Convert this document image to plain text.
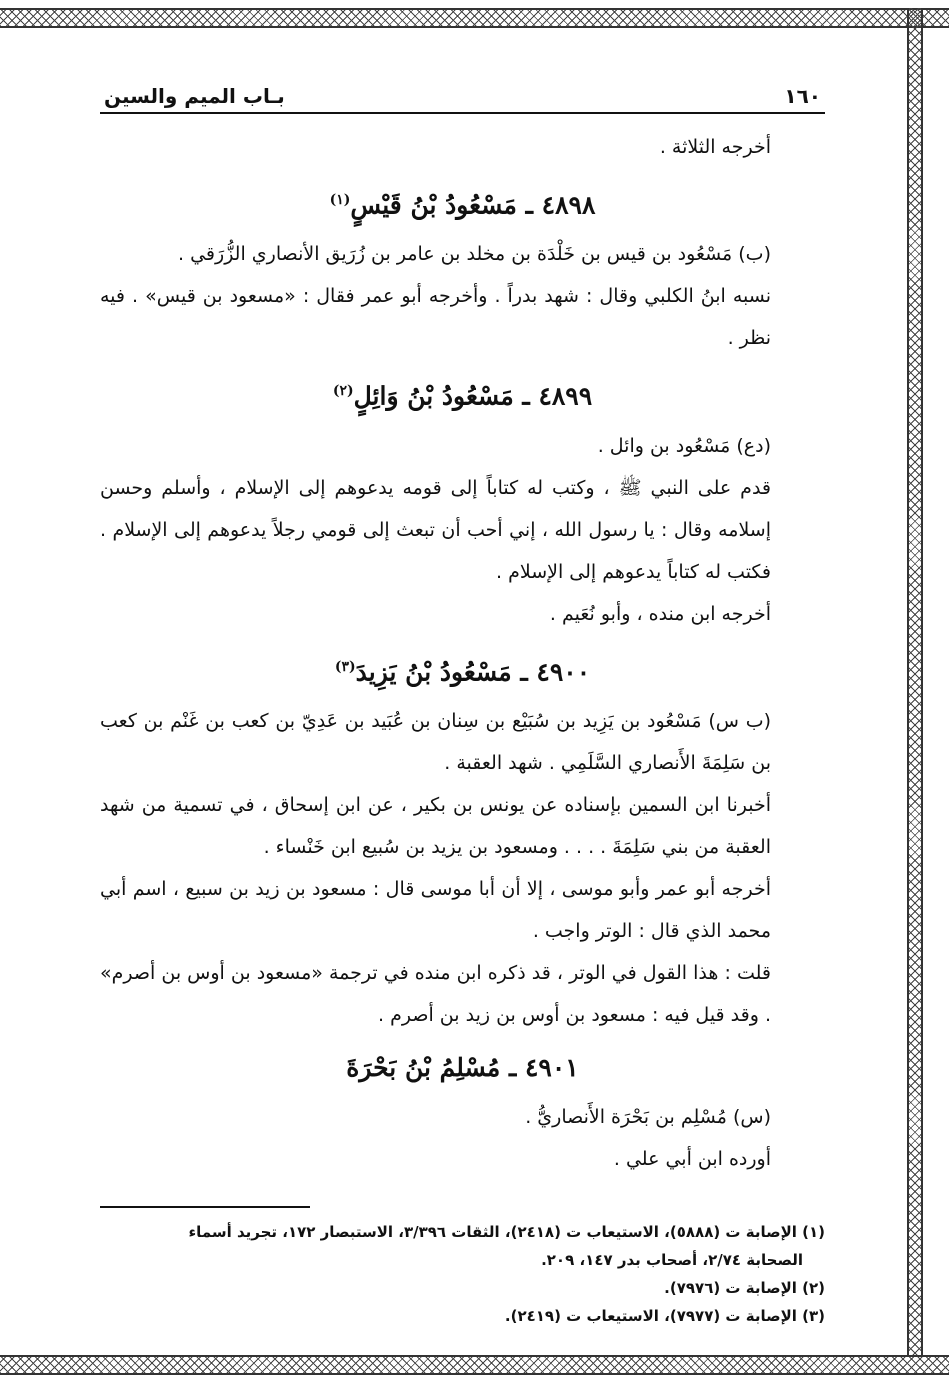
١٦٠
بـاب الميم والسين

أخرجه الثلاثة .

٤٨٩٨ ـ مَسْعُودُ بْنُ قَيْسٍ$^{(١)}$

(ب) مَسْعُود بن قيس بن خَلْدَة بن مخلد بن عامر بن زُرَيق الأنصاري الزُّرَقي .

نسبه ابنُ الكلبي وقال : شهد بدراً . وأخرجه أبو عمر فقال : «مسعود بن قيس» . فيه نظر .

٤٨٩٩ ـ مَسْعُودُ بْنُ وَائِلٍ$^{(٢)}$

(دع) مَسْعُود بن وائل .

قدم على النبي ﷺ ، وكتب له كتاباً إلى قومه يدعوهم إلى الإسلام ، وأسلم وحسن إسلامه وقال : يا رسول الله ، إني أحب أن تبعث إلى قومي رجلاً يدعوهم إلى الإسلام . فكتب له كتاباً يدعوهم إلى الإسلام .

أخرجه ابن منده ، وأبو نُعَيم .

٤٩٠٠ ـ مَسْعُودُ بْنُ يَزِيدَ$^{(٣)}$

(ب س) مَسْعُود بن يَزِيد بن سُبَيْع بن سِنان بن عُبَيد بن عَدِيّ بن كعب بن غَنْم بن كعب بن سَلِمَةَ الأَنصاري السَّلَمِي . شهد العقبة .

أخبرنا ابن السمين بإسناده عن يونس بن بكير ، عن ابن إسحاق ، في تسمية من شهد العقبة من بني سَلِمَةَ . . . . ومسعود بن يزيد بن سُبيع ابن خَنْساء .

أخرجه أبو عمر وأبو موسى ، إلا أن أبا موسى قال : مسعود بن زيد بن سبيع ، اسم أبي محمد الذي قال : الوتر واجب .

قلت : هذا القول في الوتر ، قد ذكره ابن منده في ترجمة «مسعود بن أوس بن أصرم» . وقد قيل فيه : مسعود بن أوس بن زيد بن أصرم .

٤٩٠١ ـ مُسْلِمُ بْنُ بَحْرَةَ

(س) مُسْلِم بن بَحْرَة الأَنصاريُّ .

أورده ابن أبي علي .

(١) الإصابة ت (٥٨٨٨)، الاستيعاب ت (٢٤١٨)، الثقات ٣/٣٩٦، الاستبصار ١٧٢، تجريد أسماء

الصحابة ٢/٧٤، أصحاب بدر ١٤٧، ٢٠٩.

(٢) الإصابة ت (٧٩٧٦).

(٣) الإصابة ت (٧٩٧٧)، الاستيعاب ت (٢٤١٩).
